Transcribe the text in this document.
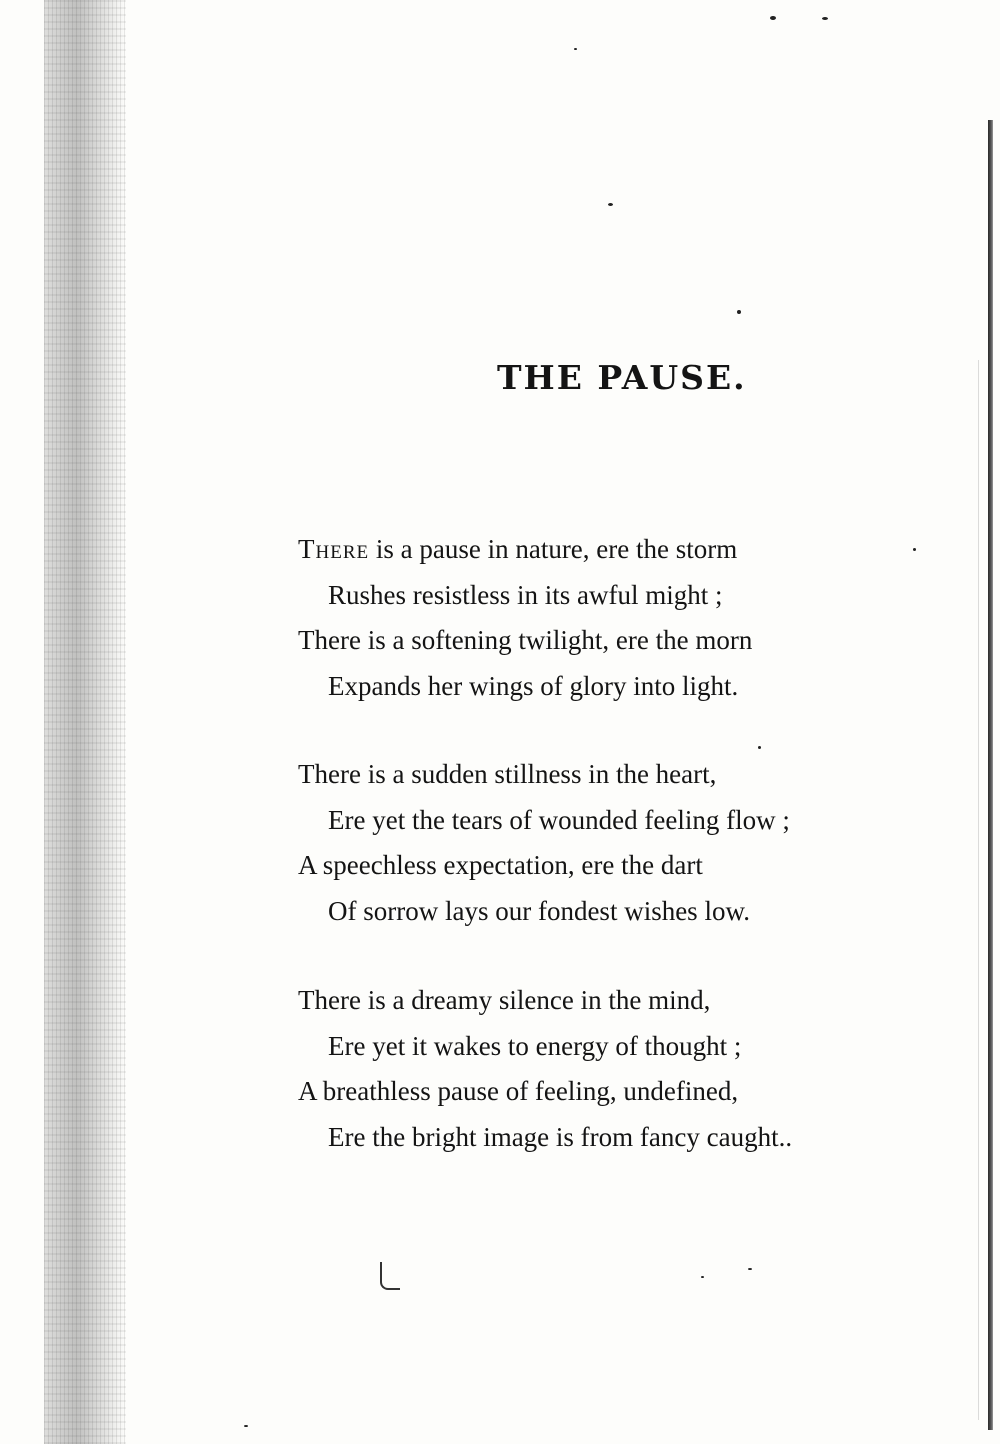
THE PAUSE.
There is a pause in nature, ere the storm
Rushes resistless in its awful might ;
There is a softening twilight, ere the morn
Expands her wings of glory into light.
There is a sudden stillness in the heart,
Ere yet the tears of wounded feeling flow ;
A speechless expectation, ere the dart
Of sorrow lays our fondest wishes low.
There is a dreamy silence in the mind,
Ere yet it wakes to energy of thought ;
A breathless pause of feeling, undefined,
Ere the bright image is from fancy caught..
